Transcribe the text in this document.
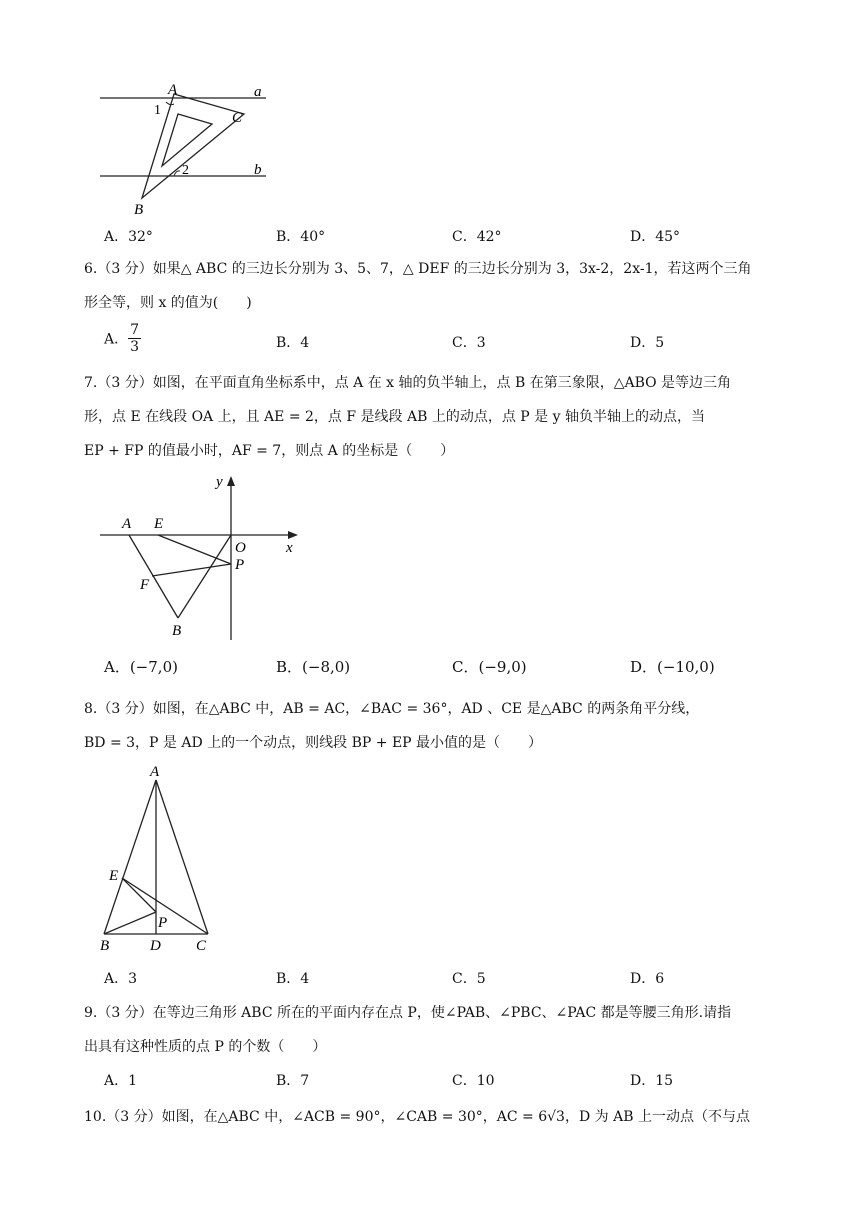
A	a
1	C
2	b
B
A．32°	B．40°	C．42°	D．45°
6.（3 分）如果△ ABC 的三边长分别为 3、5、7，△ DEF 的三边长分别为 3，3x-2，2x-1，若这两个三角
形全等，则 x 的值为(　　)
A． $\frac{7}{3}$	B．4	C．3	D．5
7.（3 分）如图，在平面直角坐标系中，点 A 在 x 轴的负半轴上，点 B 在第三象限，△ABO 是等边三角
形，点 E 在线段 OA 上，且 AE = 2，点 F 是线段 AB 上的动点，点 P 是 y 轴负半轴上的动点，当
EP + FP 的值最小时，AF = 7，则点 A 的坐标是（　　）
y
A E
O	x
P
F
B
A．(−7,0)	B．(−8,0)	C．(−9,0)	D．(−10,0)
8.（3 分）如图，在△ABC 中，AB = AC，∠BAC = 36°，AD 、CE 是△ABC 的两条角平分线，
BD = 3，P 是 AD 上的一个动点，则线段 BP + EP 最小值的是（　　）
A
E
P
B	D C
A．3	B．4	C．5	D．6
9.（3 分）在等边三角形 ABC 所在的平面内存在点 P，使∠PAB、∠PBC、∠PAC 都是等腰三角形.请指
出具有这种性质的点 P 的个数（　　）
A．1	B．7	C．10	D．15
10.（3 分）如图，在△ABC 中，∠ACB = 90°，∠CAB = 30°，AC = 6√3，D 为 AB 上一动点（不与点
